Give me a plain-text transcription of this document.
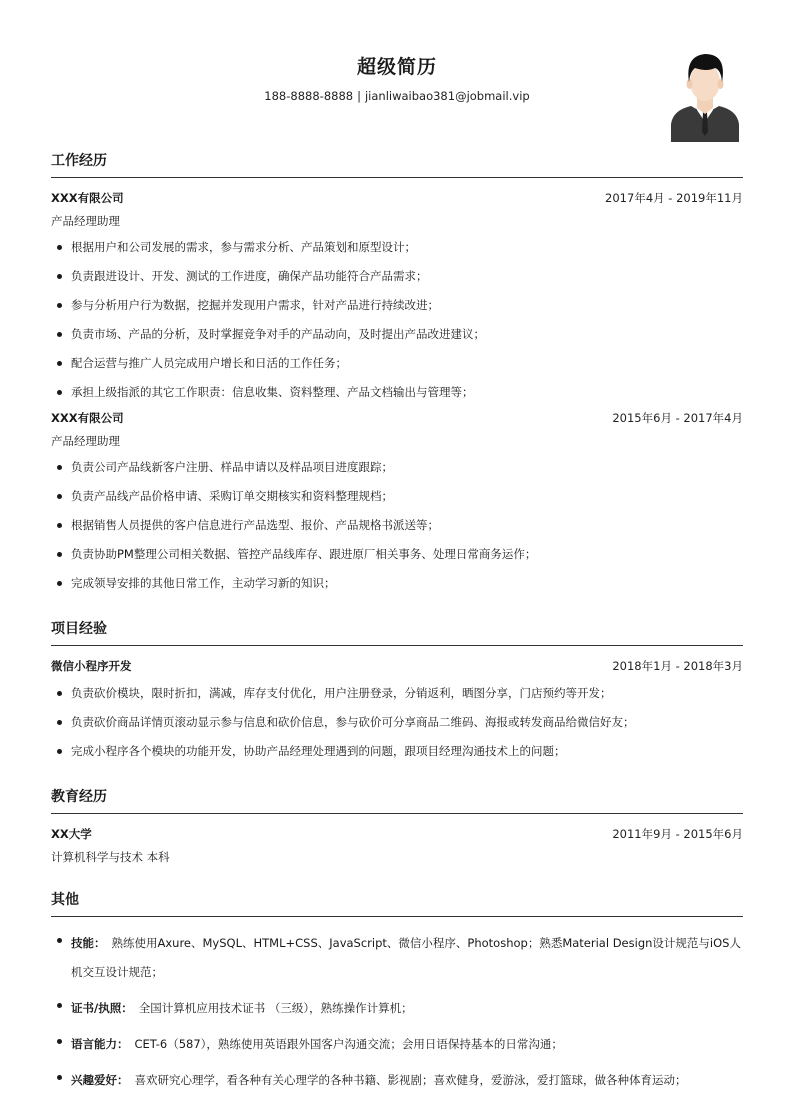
超级简历
188-8888-8888 | jianliwaibao381@jobmail.vip
工作经历
XXX有限公司	2017年4月 - 2019年11月
产品经理助理
根据用户和公司发展的需求，参与需求分析、产品策划和原型设计；
负责跟进设计、开发、测试的工作进度，确保产品功能符合产品需求；
参与分析用户行为数据，挖掘并发现用户需求，针对产品进行持续改进；
负责市场、产品的分析，及时掌握竞争对手的产品动向，及时提出产品改进建议；
配合运营与推广人员完成用户增长和日活的工作任务；
承担上级指派的其它工作职责：信息收集、资料整理、产品文档输出与管理等；
XXX有限公司	2015年6月 - 2017年4月
产品经理助理
负责公司产品线新客户注册、样品申请以及样品项目进度跟踪；
负责产品线产品价格申请、采购订单交期核实和资料整理规档；
根据销售人员提供的客户信息进行产品选型、报价、产品规格书派送等；
负责协助PM整理公司相关数据、管控产品线库存、跟进原厂相关事务、处理日常商务运作；
完成领导安排的其他日常工作，主动学习新的知识；
项目经验
微信小程序开发	2018年1月 - 2018年3月
负责砍价模块，限时折扣，满减，库存支付优化，用户注册登录，分销返利，晒图分享，门店预约等开发；
负责砍价商品详情页滚动显示参与信息和砍价信息，参与砍价可分享商品二维码、海报或转发商品给微信好友；
完成小程序各个模块的功能开发，协助产品经理处理遇到的问题，跟项目经理沟通技术上的问题；
教育经历
XX大学	2011年9月 - 2015年6月
计算机科学与技术 本科
其他
技能： 熟练使用Axure、MySQL、HTML+CSS、JavaScript、微信小程序、Photoshop；熟悉Material Design设计规范与iOS人机交互设计规范；
证书/执照： 全国计算机应用技术证书 （三级），熟练操作计算机；
语言能力： CET-6（587），熟练使用英语跟外国客户沟通交流；会用日语保持基本的日常沟通；
兴趣爱好： 喜欢研究心理学，看各种有关心理学的各种书籍、影视剧；喜欢健身，爱游泳，爱打篮球，做各种体育运动；
